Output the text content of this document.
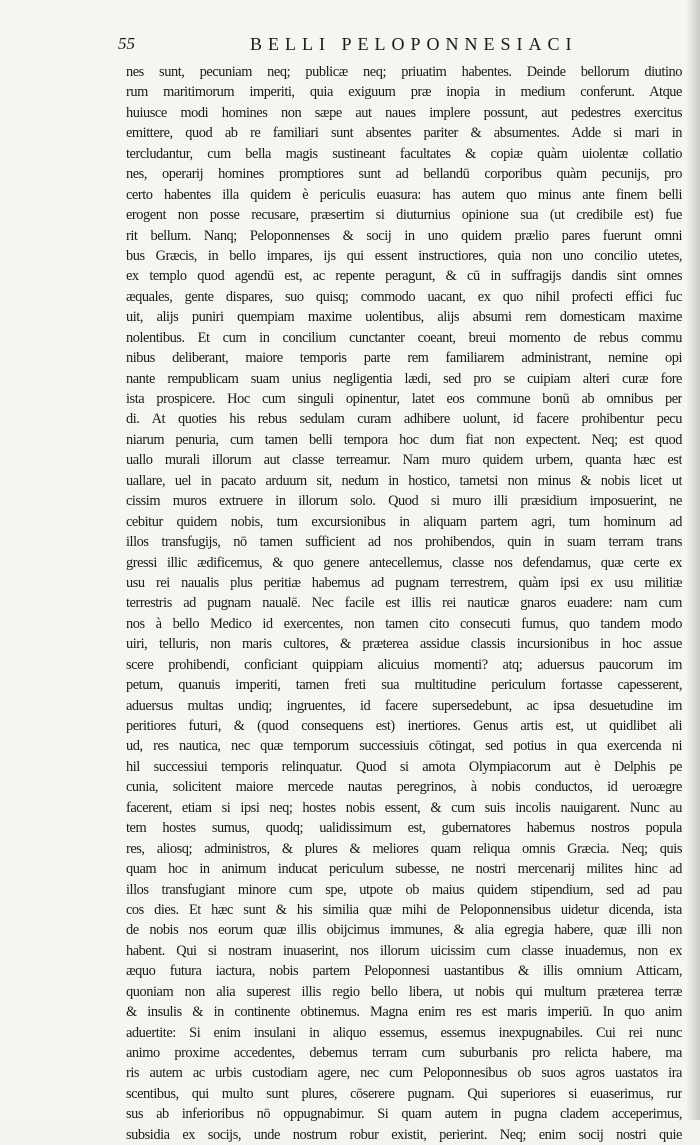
55	BELLI PELOPONNESIACI
nes sunt, pecuniam neq; publicæ neq; priuatim habentes. Deinde bellorum diutino
rum maritimorum imperiti, quia exiguum præ inopia in medium conferunt. Atque
huiusce modi homines non sæpe aut naues implere possunt, aut pedestres exercitus
emittere, quod ab re familiari sunt absentes pariter & absumentes. Adde si mari in
tercludantur, cum bella magis sustineant facultates & copiæ quàm uiolentæ collatio
nes, operarij homines promptiores sunt ad bellandū corporibus quàm pecunijs, pro
certo habentes illa quidem è periculis euasura: has autem quo minus ante finem belli
erogent non posse recusare, præsertim si diuturnius opinione sua (ut credibile est) fue
rit bellum. Nanq; Peloponnenses & socij in uno quidem prælio pares fuerunt omni
bus Græcis, in bello impares, ijs qui essent instructiores, quia non uno concilio utetes,
ex templo quod agendū est, ac repente peragunt, & cū in suffragijs dandis sint omnes
æquales, gente dispares, suo quisq; commodo uacant, ex quo nihil profecti effici fuc
uit, alijs puniri quempiam maxime uolentibus, alijs absumi rem domesticam maxime
nolentibus. Et cum in concilium cunctanter coeant, breui momento de rebus commu
nibus deliberant, maiore temporis parte rem familiarem administrant, nemine opi
nante rempublicam suam unius negligentia lædi, sed pro se cuipiam alteri curæ fore
ista prospicere. Hoc cum singuli opinentur, latet eos commune bonū ab omnibus per
di. At quoties his rebus sedulam curam adhibere uolunt, id facere prohibentur pecu
niarum penuria, cum tamen belli tempora hoc dum fiat non expectent. Neq; est quod
uallo murali illorum aut classe terreamur. Nam muro quidem urbem, quanta hæc est
uallare, uel in pacato arduum sit, nedum in hostico, tametsi non minus & nobis licet ut
cissim muros extruere in illorum solo. Quod si muro illi præsidium imposuerint, ne
cebitur quidem nobis, tum excursionibus in aliquam partem agri, tum hominum ad
illos transfugijs, nō tamen sufficient ad nos prohibendos, quin in suam terram trans
gressi illic ædificemus, & quo genere antecellemus, classe nos defendamus, quæ certe ex
usu rei naualis plus peritiæ habemus ad pugnam terrestrem, quàm ipsi ex usu militiæ
terrestris ad pugnam naualē. Nec facile est illis rei nauticæ gnaros euadere: nam cum
nos à bello Medico id exercentes, non tamen cito consecuti fumus, quo tandem modo
uiri, telluris, non maris cultores, & præterea assidue classis incursionibus in hoc assue
scere prohibendi, conficiant quippiam alicuius momenti? atq; aduersus paucorum im
petum, quanuis imperiti, tamen freti sua multitudine periculum fortasse capesserent,
aduersus multas undiq; ingruentes, id facere supersedebunt, ac ipsa desuetudine im
peritiores futuri, & (quod consequens est) inertiores. Genus artis est, ut quidlibet ali
ud, res nautica, nec quæ temporum successiuis cōtingat, sed potius in qua exercenda ni
hil successiui temporis relinquatur. Quod si amota Olympiacorum aut è Delphis pe
cunia, solicitent maiore mercede nautas peregrinos, à nobis conductos, id ueroægre
facerent, etiam si ipsi neq; hostes nobis essent, & cum suis incolis nauigarent. Nunc au
tem hostes sumus, quodq; ualidissimum est, gubernatores habemus nostros popula
res, aliosq; administros, & plures & meliores quam reliqua omnis Græcia. Neq; quis
quam hoc in animum inducat periculum subesse, ne nostri mercenarij milites hinc ad
illos transfugiant minore cum spe, utpote ob maius quidem stipendium, sed ad pau
cos dies. Et hæc sunt & his similia quæ mihi de Peloponnensibus uidetur dicenda, ista
de nobis nos eorum quæ illis obijcimus immunes, & alia egregia habere, quæ illi non
habent. Qui si nostram inuaserint, nos illorum uicissim cum classe inuademus, non ex
æquo futura iactura, nobis partem Peloponnesi uastantibus & illis omnium Atticam,
quoniam non alia superest illis regio bello libera, ut nobis qui multum præterea terræ
& insulis & in continente obtinemus. Magna enim res est maris imperiū. In quo anim
aduertite: Si enim insulani in aliquo essemus, essemus inexpugnabiles. Cui rei nunc
animo proxime accedentes, debemus terram cum suburbanis pro relicta habere, ma
ris autem ac urbis custodiam agere, nec cum Peloponnesibus ob suos agros uastatos ira
scentibus, qui multo sunt plures, cōserere pugnam. Qui superiores si euaserimus, rur
sus ab inferioribus nō oppugnabimur. Si quam autem in pugna cladem acceperimus,
subsidia ex socijs, unde nostrum robur existit, perierint. Neq; enim socij nostri quie
